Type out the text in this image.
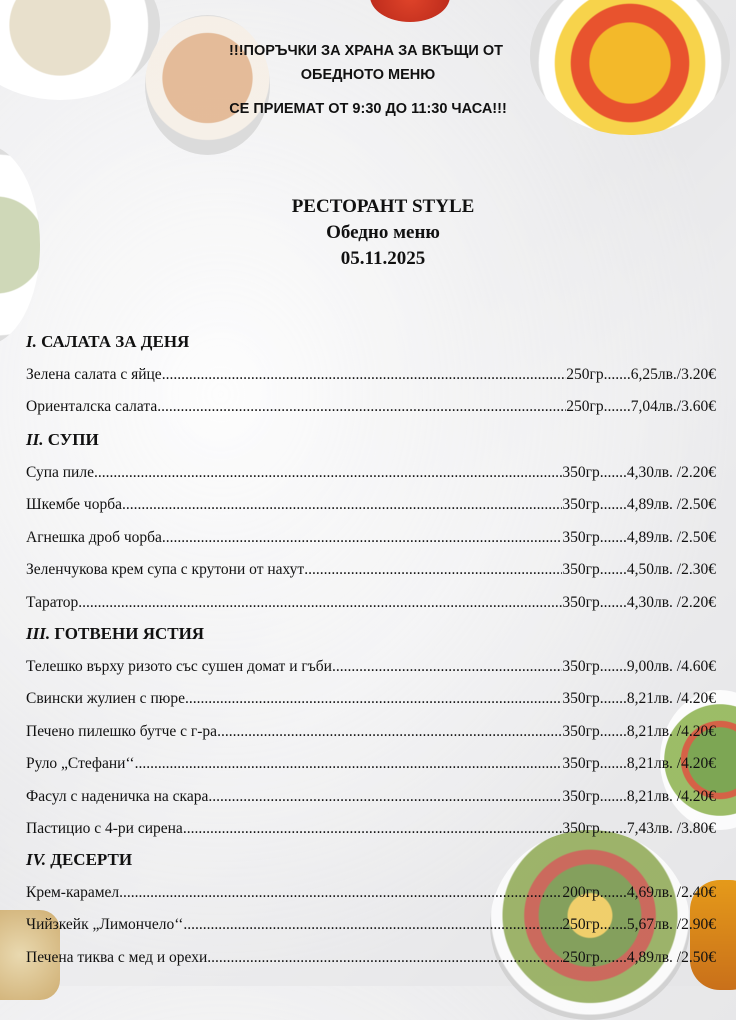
!!!ПОРЪЧКИ ЗА ХРАНА ЗА ВКЪЩИ ОТ
ОБЕДНОТО МЕНЮ
СЕ ПРИЕМАТ ОТ 9:30 ДО 11:30 ЧАСА!!!
РЕСТОРАНТ STYLE
Обедно меню
05.11.2025
I. САЛАТА ЗА ДЕНЯ
Зелена салата с яйце .....	250гр .......	6,25лв./3.20€
Ориенталска салата .....	250гр .......	7,04лв./3.60€
II. СУПИ
Супа пиле .....	350гр .......	4,30лв. /2.20€
Шкембе чорба .....	350гр .......	4,89лв. /2.50€
Агнешка дроб чорба .....	350гр .......	4,89лв. /2.50€
Зеленчукова крем супа с крутони от нахут .....	350гр .......	4,50лв. /2.30€
Таратор .....	350гр .......	4,30лв. /2.20€
III. ГОТВЕНИ ЯСТИЯ
Телешко върху ризото със сушен домат и гъби .....	350гр .......	9,00лв. /4.60€
Свински жулиен с пюре .....	350гр .......	8,21лв. /4.20€
Печено пилешко бутче с г-ра .....	350гр .......	8,21лв. /4.20€
Руло „Стефани‘‘ .....	350гр .......	8,21лв. /4.20€
Фасул с наденичка на скара .....	350гр .......	8,21лв. /4.20€
Пастицио с 4-ри сирена .....	350гр .......	7,43лв. /3.80€
IV. ДЕСЕРТИ
Крем-карамел .....	200гр .......	4,69лв. /2.40€
Чийзкейк „Лимончело‘‘ .....	250гр .......	5,67лв. /2.90€
Печена тиква с мед и орехи .....	250гр .......	4,89лв. /2.50€
